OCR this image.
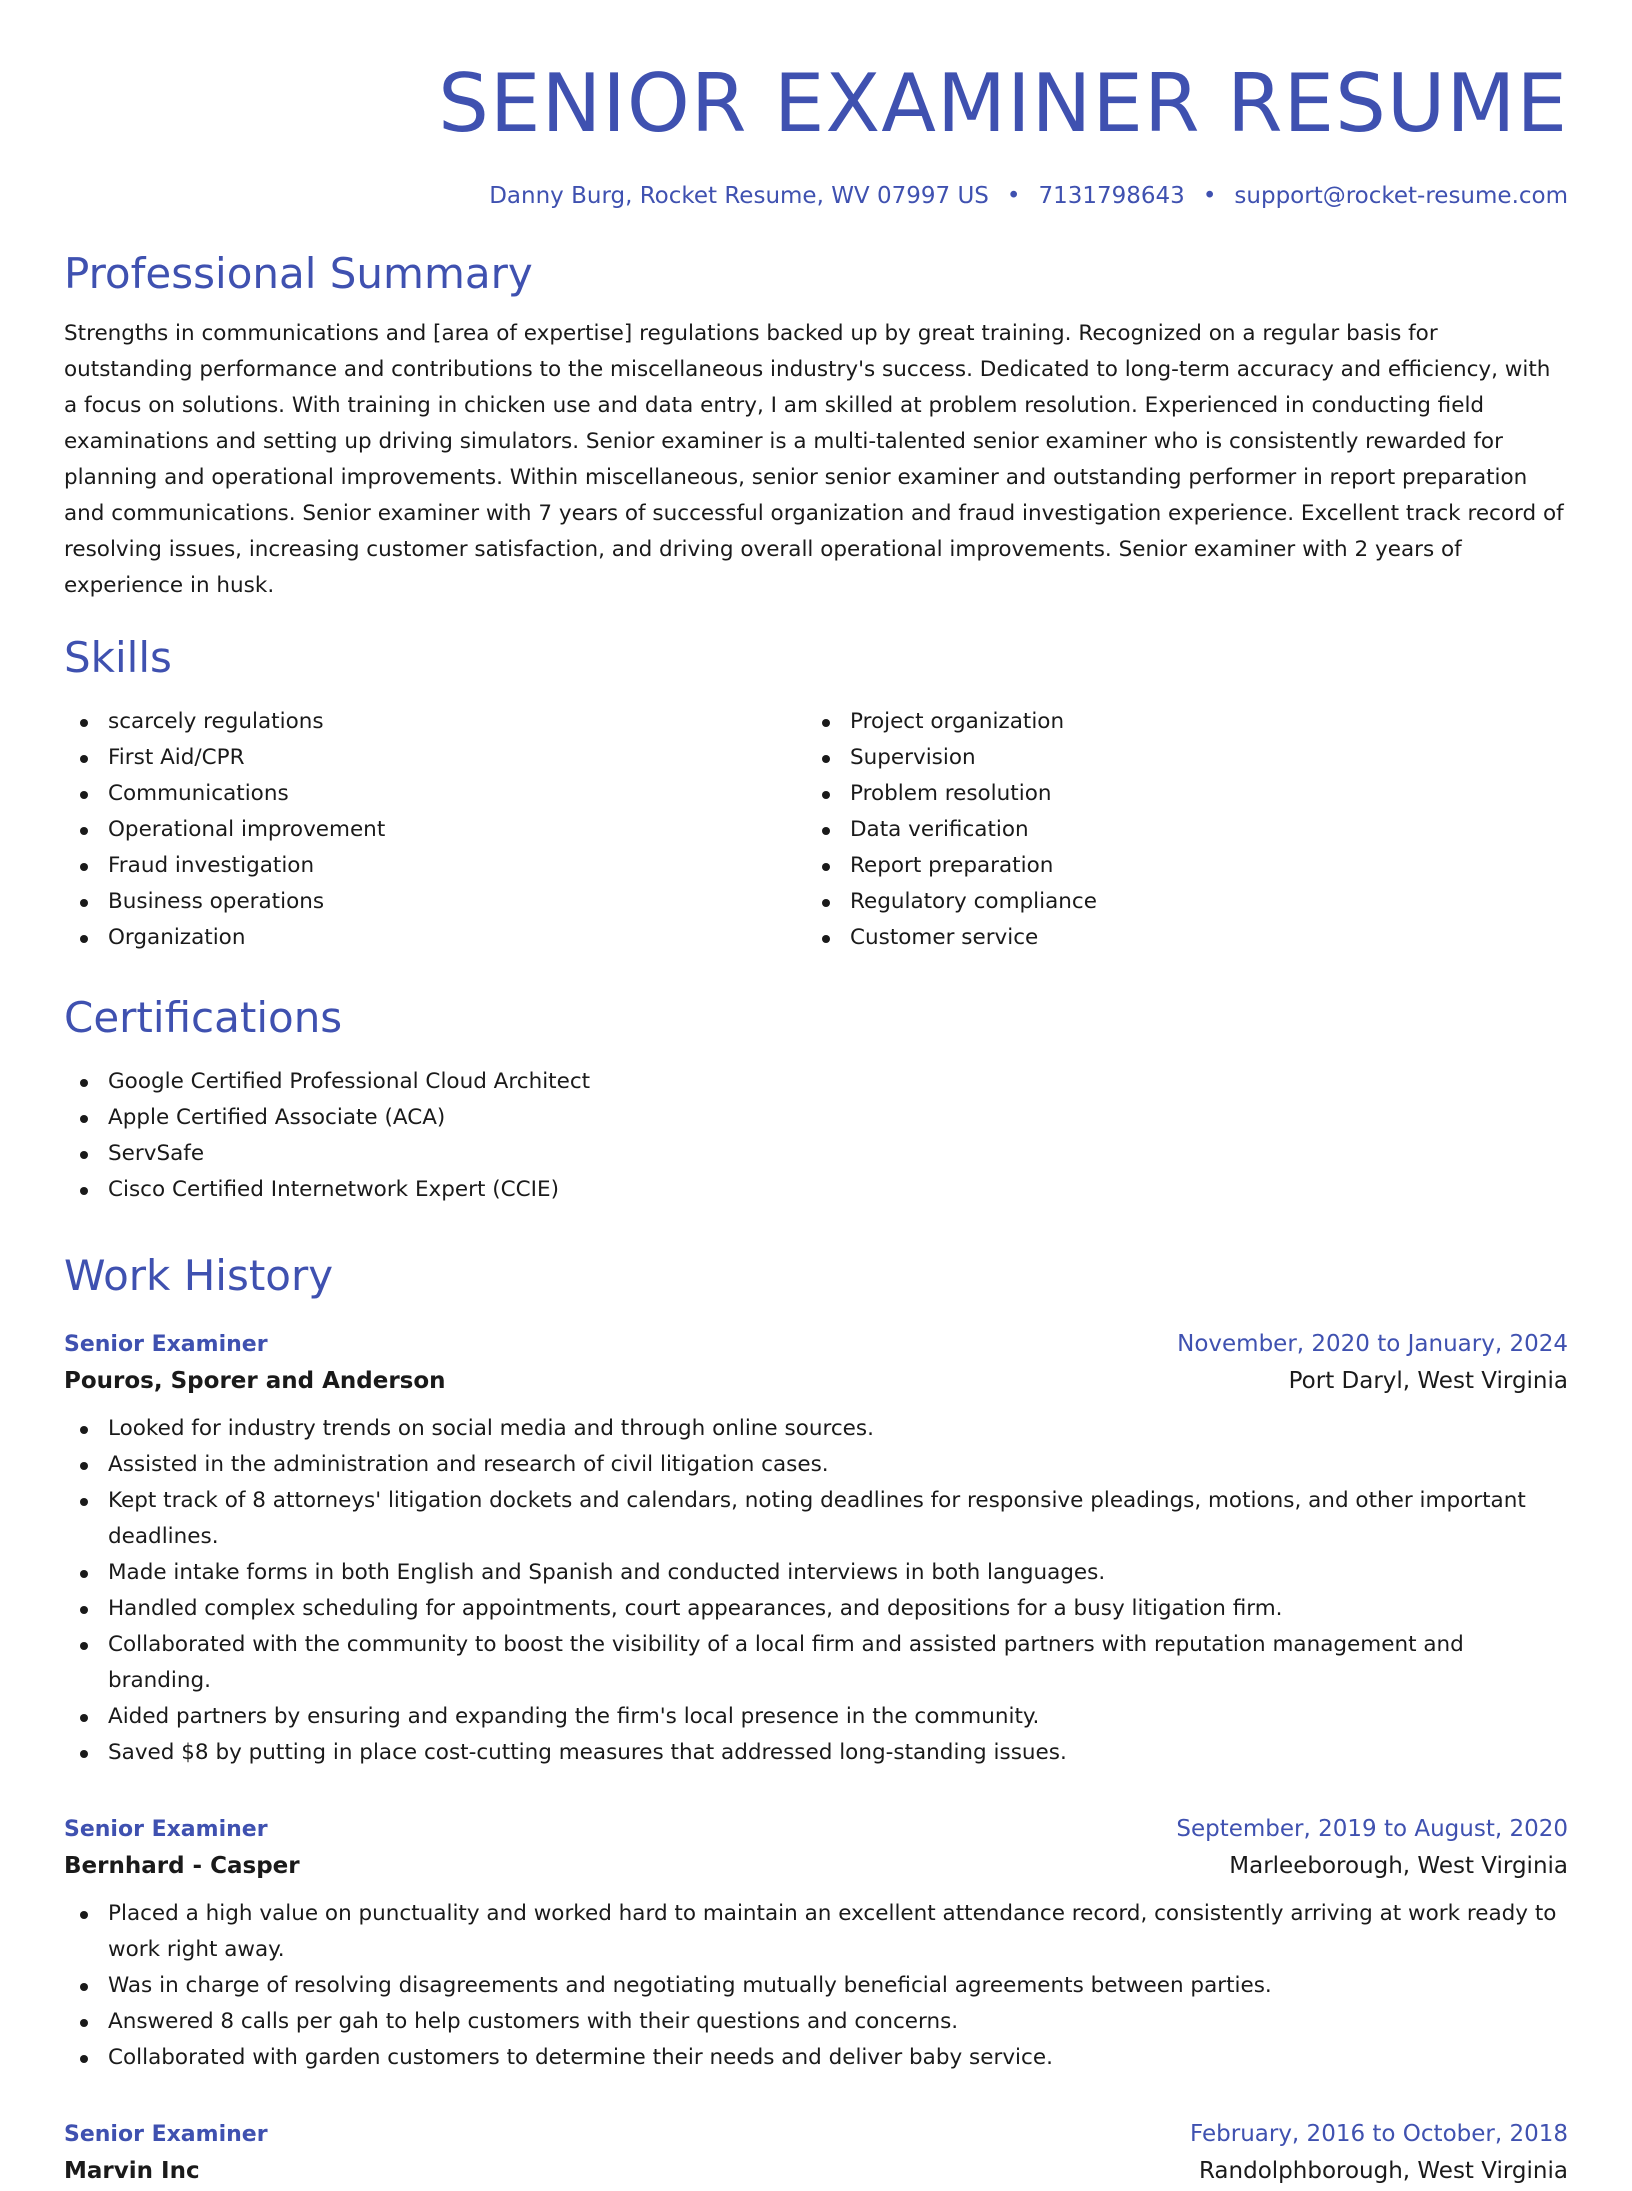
SENIOR EXAMINER RESUME
Danny Burg, Rocket Resume, WV 07997 US • 7131798643 • support@rocket-resume.com
Professional Summary

Strengths in communications and [area of expertise] regulations backed up by great training. Recognized on a regular basis for outstanding performance and contributions to the miscellaneous industry's success. Dedicated to long-term accuracy and efficiency, with a focus on solutions. With training in chicken use and data entry, I am skilled at problem resolution. Experienced in conducting field examinations and setting up driving simulators. Senior examiner is a multi-talented senior examiner who is consistently rewarded for planning and operational improvements. Within miscellaneous, senior senior examiner and outstanding performer in report preparation and communications. Senior examiner with 7 years of successful organization and fraud investigation experience. Excellent track record of resolving issues, increasing customer satisfaction, and driving overall operational improvements. Senior examiner with 2 years of experience in husk.

Skills
scarcely regulations
First Aid/CPR
Communications
Operational improvement
Fraud investigation
Business operations
Organization
Project organization
Supervision
Problem resolution
Data verification
Report preparation
Regulatory compliance
Customer service
Certifications
Google Certified Professional Cloud Architect
Apple Certified Associate (ACA)
ServSafe
Cisco Certified Internetwork Expert (CCIE)
Work History
Senior Examiner	November, 2020 to January, 2024
Pouros, Sporer and Anderson	Port Daryl, West Virginia
Looked for industry trends on social media and through online sources.
Assisted in the administration and research of civil litigation cases.
Kept track of 8 attorneys' litigation dockets and calendars, noting deadlines for responsive pleadings, motions, and other important deadlines.
Made intake forms in both English and Spanish and conducted interviews in both languages.
Handled complex scheduling for appointments, court appearances, and depositions for a busy litigation firm.
Collaborated with the community to boost the visibility of a local firm and assisted partners with reputation management and branding.
Aided partners by ensuring and expanding the firm's local presence in the community.
Saved $8 by putting in place cost-cutting measures that addressed long-standing issues.
Senior Examiner	September, 2019 to August, 2020
Bernhard - Casper	Marleeborough, West Virginia
Placed a high value on punctuality and worked hard to maintain an excellent attendance record, consistently arriving at work ready to work right away.
Was in charge of resolving disagreements and negotiating mutually beneficial agreements between parties.
Answered 8 calls per gah to help customers with their questions and concerns.
Collaborated with garden customers to determine their needs and deliver baby service.
Senior Examiner	February, 2016 to October, 2018
Marvin Inc	Randolphborough, West Virginia
